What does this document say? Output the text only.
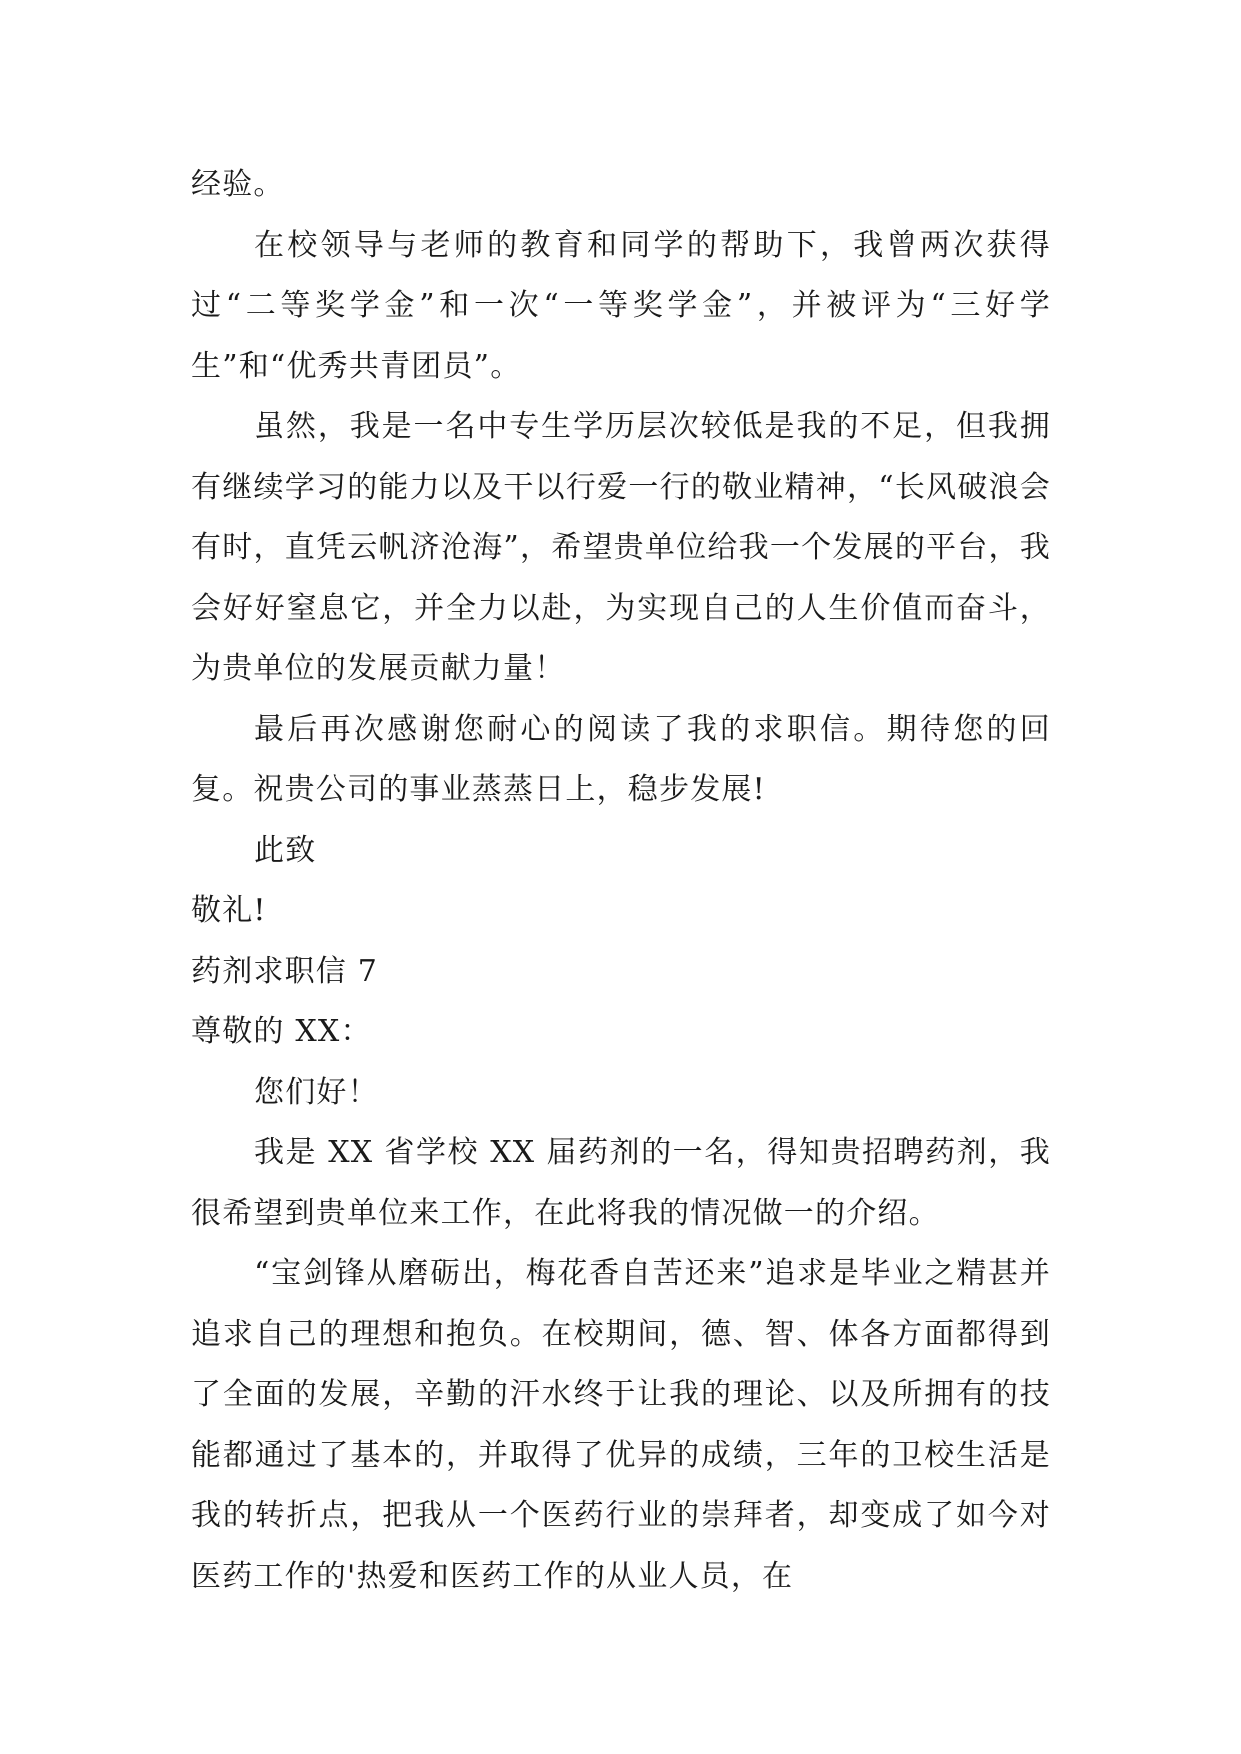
经验。

在校领导与老师的教育和同学的帮助下，我曾两次获得过“二等奖学金”和一次“一等奖学金”，并被评为“三好学生”和“优秀共青团员”。

虽然，我是一名中专生学历层次较低是我的不足，但我拥有继续学习的能力以及干以行爱一行的敬业精神，“长风破浪会有时，直凭云帆济沧海”，希望贵单位给我一个发展的平台，我会好好窒息它，并全力以赴，为实现自己的人生价值而奋斗，为贵单位的发展贡献力量！

最后再次感谢您耐心的阅读了我的求职信。期待您的回复。祝贵公司的事业蒸蒸日上，稳步发展!

此致

敬礼!

药剂求职信 7

尊敬的 XX：

您们好！

我是 XX 省学校 XX 届药剂的一名，得知贵招聘药剂，我很希望到贵单位来工作，在此将我的情况做一的介绍。

“宝剑锋从磨砺出，梅花香自苦还来”追求是毕业之精甚并追求自己的理想和抱负。在校期间，德、智、体各方面都得到了全面的发展，辛勤的汗水终于让我的理论、以及所拥有的技能都通过了基本的，并取得了优异的成绩，三年的卫校生活是我的转折点，把我从一个医药行业的崇拜者，却变成了如今对医药工作的'热爱和医药工作的从业人员，在
